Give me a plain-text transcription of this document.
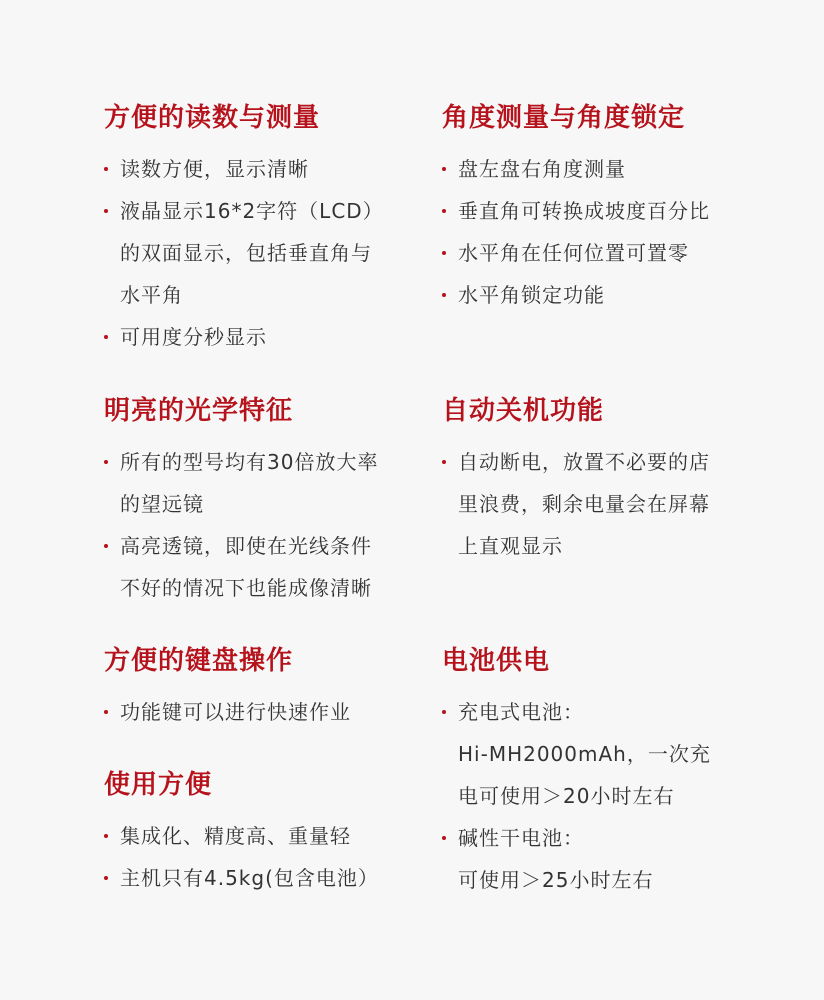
方便的读数与测量
读数方便，显示清晰
液晶显示16*2字符（LCD）
的双面显示，包括垂直角与
水平角
可用度分秒显示
角度测量与角度锁定
盘左盘右角度测量
垂直角可转换成坡度百分比
水平角在任何位置可置零
水平角锁定功能
明亮的光学特征
所有的型号均有30倍放大率
的望远镜
高亮透镜，即使在光线条件
不好的情况下也能成像清晰
自动关机功能
自动断电，放置不必要的店
里浪费，剩余电量会在屏幕
上直观显示
方便的键盘操作
功能键可以进行快速作业
电池供电
充电式电池：
Hi-MH2000mAh，一次充
电可使用＞20小时左右
碱性干电池：
可使用＞25小时左右
使用方便
集成化、精度高、重量轻
主机只有4.5kg(包含电池）
